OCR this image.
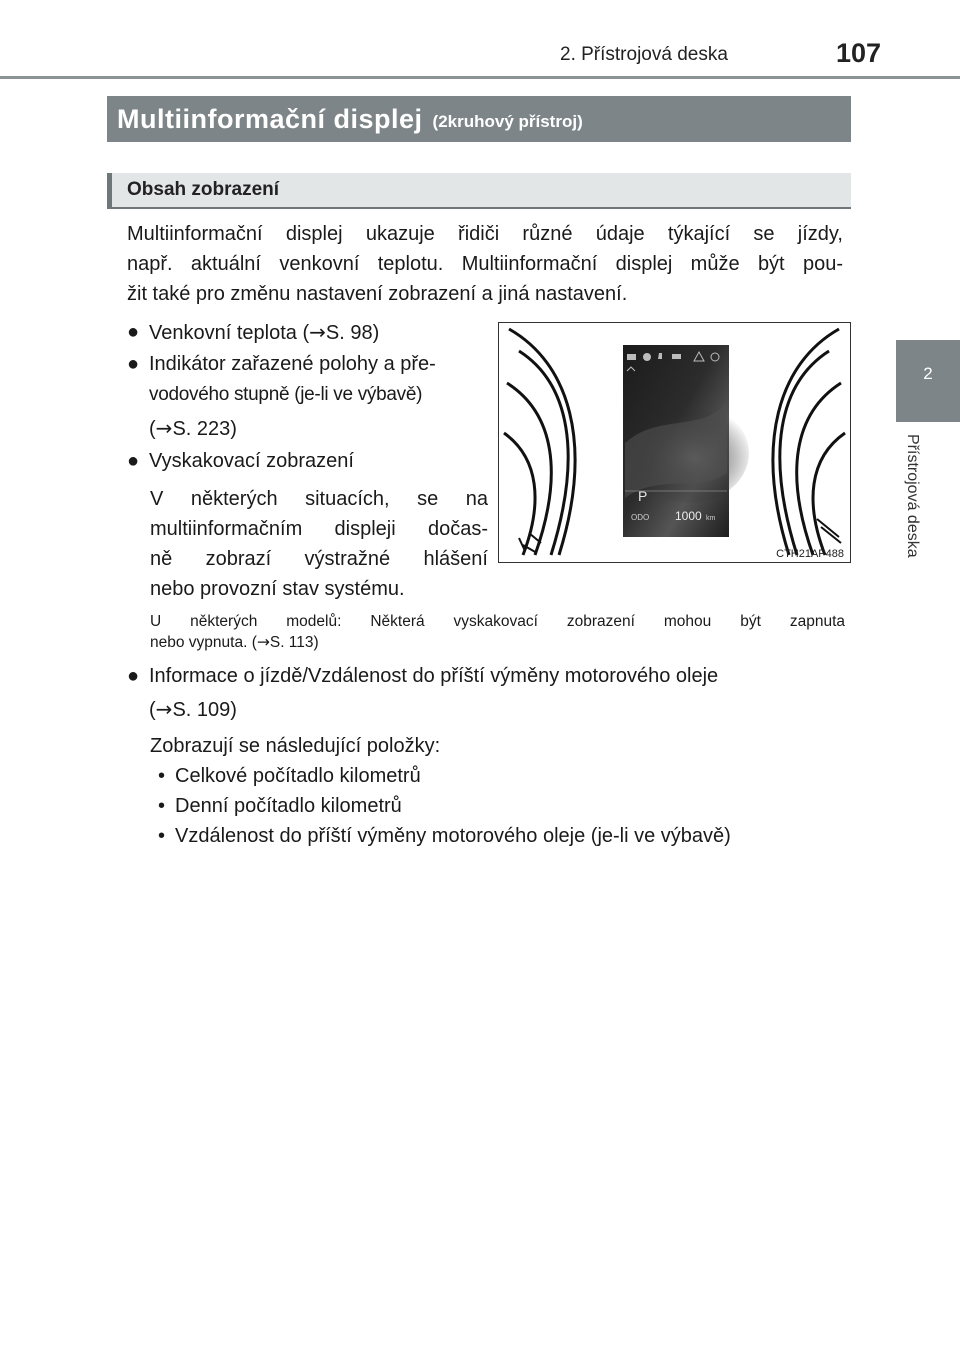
2. Přístrojová deska	107
2
Přístrojová deska
Multiinformační displej (2kruhový přístroj)
Obsah zobrazení
Multiinformační displej ukazuje řidiči různé údaje týkající se jízdy,
např. aktuální venkovní teplotu. Multiinformační displej může být pou-
žit také pro změnu nastavení zobrazení a jiná nastavení.
● Venkovní teplota (→S. 98)
● Indikátor zařazené polohy a pře-
vodového stupně (je-li ve výbavě)
(→S. 223)
● Vyskakovací zobrazení
V některých situacích, se na
multiinformačním displeji dočas-
ně zobrazí výstražné hlášení
nebo provozní stav systému.
U některých modelů: Některá vyskakovací zobrazení mohou být zapnuta
nebo vypnuta. (→S. 113)
● Informace o jízdě/Vzdálenost do příští výměny motorového oleje
(→S. 109)
Zobrazují se následující položky:
• Celkové počítadlo kilometrů
• Denní počítadlo kilometrů
• Vzdálenost do příští výměny motorového oleje (je-li ve výbavě)
P
ODO 1000 km
CTH21AP488
